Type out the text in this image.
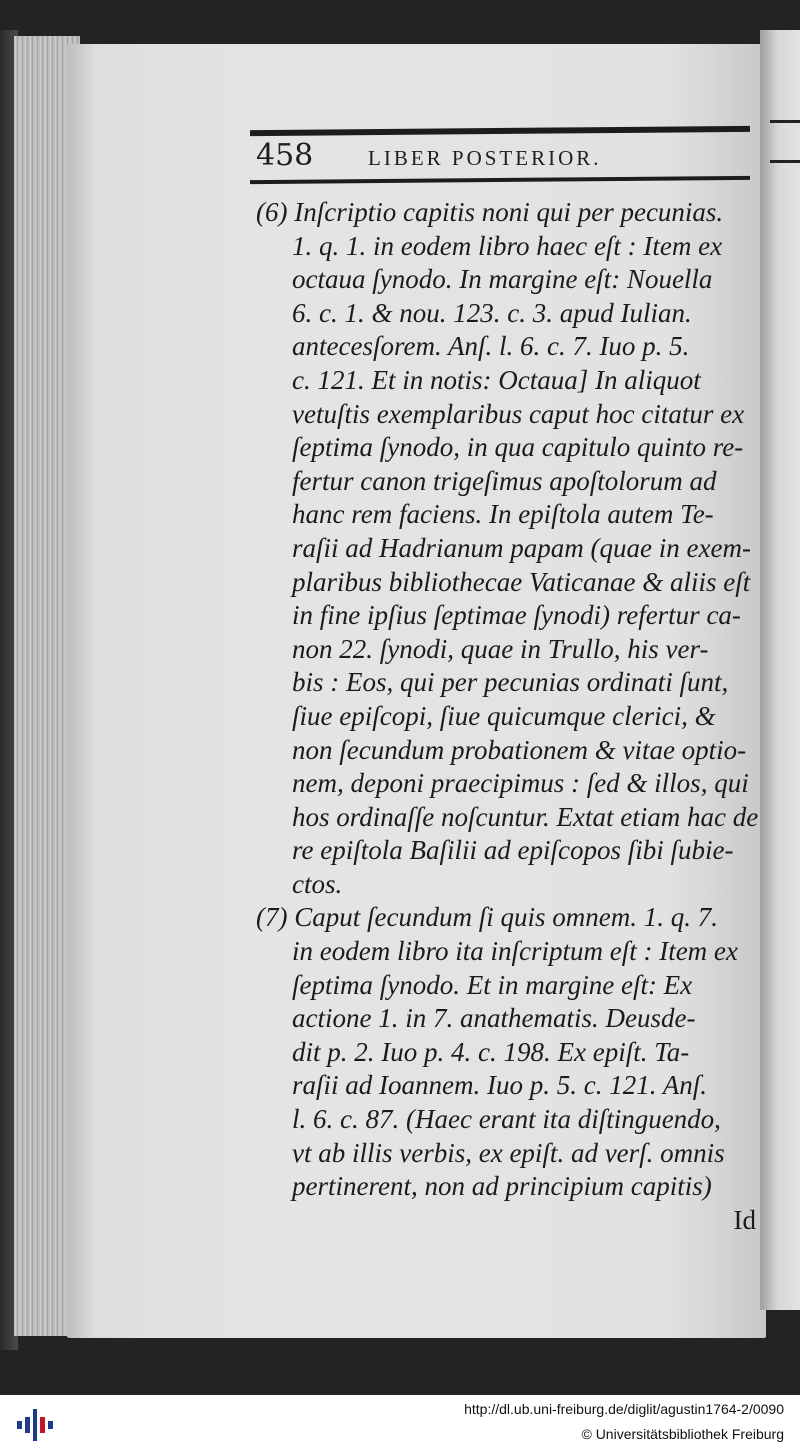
458	LIBER POSTERIOR.
(6) Inſcriptio capitis noni qui per pecunias.
1. q. 1. in eodem libro haec eſt : Item ex
octaua ſynodo. In margine eſt: Nouella
6. c. 1. & nou. 123. c. 3. apud Iulian.
antecesſorem. Anſ. l. 6. c. 7. Iuo p. 5.
c. 121. Et in notis: Octaua] In aliquot
vetuſtis exemplaribus caput hoc citatur ex
ſeptima ſynodo, in qua capitulo quinto re-
fertur canon trigeſimus apoſtolorum ad
hanc rem faciens. In epiſtola autem Te-
raſii ad Hadrianum papam (quae in exem-
plaribus bibliothecae Vaticanae & aliis eſt
in fine ipſius ſeptimae ſynodi) refertur ca-
non 22. ſynodi, quae in Trullo, his ver-
bis : Eos, qui per pecunias ordinati ſunt,
ſiue epiſcopi, ſiue quicumque clerici, &
non ſecundum probationem & vitae optio-
nem, deponi praecipimus : ſed & illos, qui
hos ordinaſſe noſcuntur. Extat etiam hac de
re epiſtola Baſilii ad epiſcopos ſibi ſubie-
ctos.
(7) Caput ſecundum ſi quis omnem. 1. q. 7.
in eodem libro ita inſcriptum eſt : Item ex
ſeptima ſynodo. Et in margine eſt: Ex
actione 1. in 7. anathematis. Deusde-
dit p. 2. Iuo p. 4. c. 198. Ex epiſt. Ta-
raſii ad Ioannem. Iuo p. 5. c. 121. Anſ.
l. 6. c. 87. (Haec erant ita diſtinguendo,
vt ab illis verbis, ex epiſt. ad verſ. omnis
pertinerent, non ad principium capitis)
Id
http://dl.ub.uni-freiburg.de/diglit/agustin1764-2/0090
© Universitätsbibliothek Freiburg
